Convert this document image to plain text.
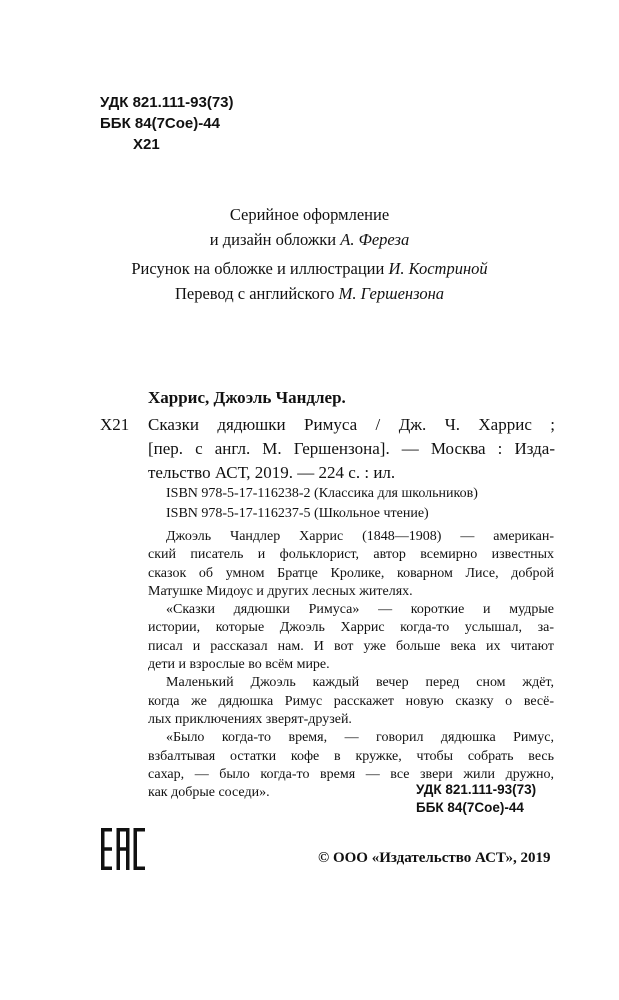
УДК 821.111-93(73)
ББК 84(7Сое)-44
Х21
Серийное оформление
и дизайн обложки А. Фереза
Рисунок на обложке и иллюстрации И. Костриной
Перевод с английского М. Гершензона
Харрис, Джоэль Чандлер.
Х21 Сказки дядюшки Римуса / Дж. Ч. Харрис ;
[пер. с англ. М. Гершензона]. — Москва : Изда-
тельство АСТ, 2019. — 224 с. : ил.
ISBN 978-5-17-116238-2 (Классика для школьников)
ISBN 978-5-17-116237-5 (Школьное чтение)
Джоэль Чандлер Харрис (1848—1908) — американ-
ский писатель и фольклорист, автор всемирно известных
сказок об умном Братце Кролике, коварном Лисе, доброй
Матушке Мидоус и других лесных жителях.
«Сказки дядюшки Римуса» — короткие и мудрые
истории, которые Джоэль Харрис когда-то услышал, за-
писал и рассказал нам. И вот уже больше века их читают
дети и взрослые во всём мире.
Маленький Джоэль каждый вечер перед сном ждёт,
когда же дядюшка Римус расскажет новую сказку о весё-
лых приключениях зверят-друзей.
«Было когда-то время, — говорил дядюшка Римус,
взбалтывая остатки кофе в кружке, чтобы собрать весь
сахар, — было когда-то время — все звери жили дружно,
как добрые соседи».	УДК 821.111-93(73)
ББК 84(7Сое)-44
© ООО «Издательство АСТ», 2019
